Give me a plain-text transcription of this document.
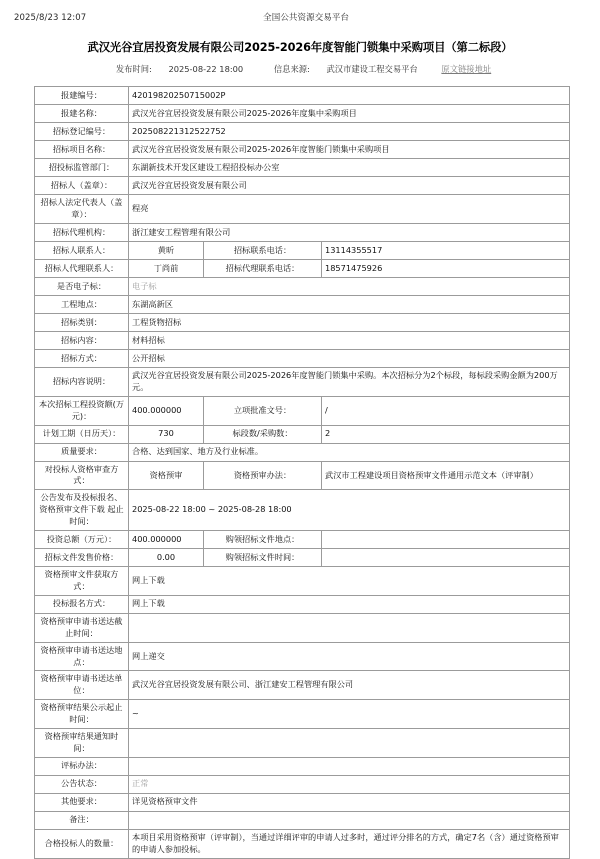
2025/8/23 12:07	全国公共资源交易平台
武汉光谷宜居投资发展有限公司2025-2026年度智能门锁集中采购项目（第二标段）
发布时间: 2025-08-22 18:00	信息来源: 武汉市建设工程交易平台	原文链接地址
报建编号：	42019820250715002P		
报建名称：	武汉光谷宜居投资发展有限公司2025-2026年度集中采购项目		
招标登记编号：	202508221312522752		
招标项目名称：	武汉光谷宜居投资发展有限公司2025-2026年度智能门锁集中采购项目		
招投标监管部门：	东湖新技术开发区建设工程招投标办公室		
招标人（盖章）：	武汉光谷宜居投资发展有限公司		
招标人法定代表人（盖章）：	程亮		
招标代理机构：	浙江建安工程管理有限公司		
招标人联系人：	黄昕	招标联系电话：	13114355517
招标人代理联系人：	丁尚前	招标代理联系电话：	18571475926
是否电子标：	电子标		
工程地点：	东湖高新区		
招标类别：	工程货物招标		
招标内容：	材料招标		
招标方式：	公开招标		
招标内容说明：	武汉光谷宜居投资发展有限公司2025-2026年度智能门锁集中采购。本次招标分为2个标段，每标段采购金额为200万元。		
本次招标工程投资额(万元)：	400.000000	立项批准文号：	/
计划工期（日历天）：	730	标段数/采购数：	2
质量要求：	合格、达到国家、地方及行业标准。		
对投标人资格审查方式：	资格预审	资格预审办法：	武汉市工程建设项目资格预审文件通用示范文本（评审制）
公告发布及投标报名、资格预审文件下载 起止时间：	2025-08-22 18:00 ~ 2025-08-28 18:00		
投资总额（万元）：	400.000000	购领招标文件地点：	
招标文件发售价格：	0.00	购领招标文件时间：	
资格预审文件获取方式：	网上下载		
投标报名方式：	网上下载		
资格预审申请书送达截止时间：			
资格预审申请书送达地点：	网上递交		
资格预审申请书送达单位：	武汉光谷宜居投资发展有限公司、浙江建安工程管理有限公司		
资格预审结果公示起止时间：	~		
资格预审结果通知时间：			
评标办法：			
公告状态：	正常		
其他要求：	详见资格预审文件		
备注：			
合格投标人的数量：	本项目采用资格预审（评审制），当通过详细评审的申请人过多时，通过评分排名的方式，确定7名（含）通过资格预审的申请人参加投标。		
